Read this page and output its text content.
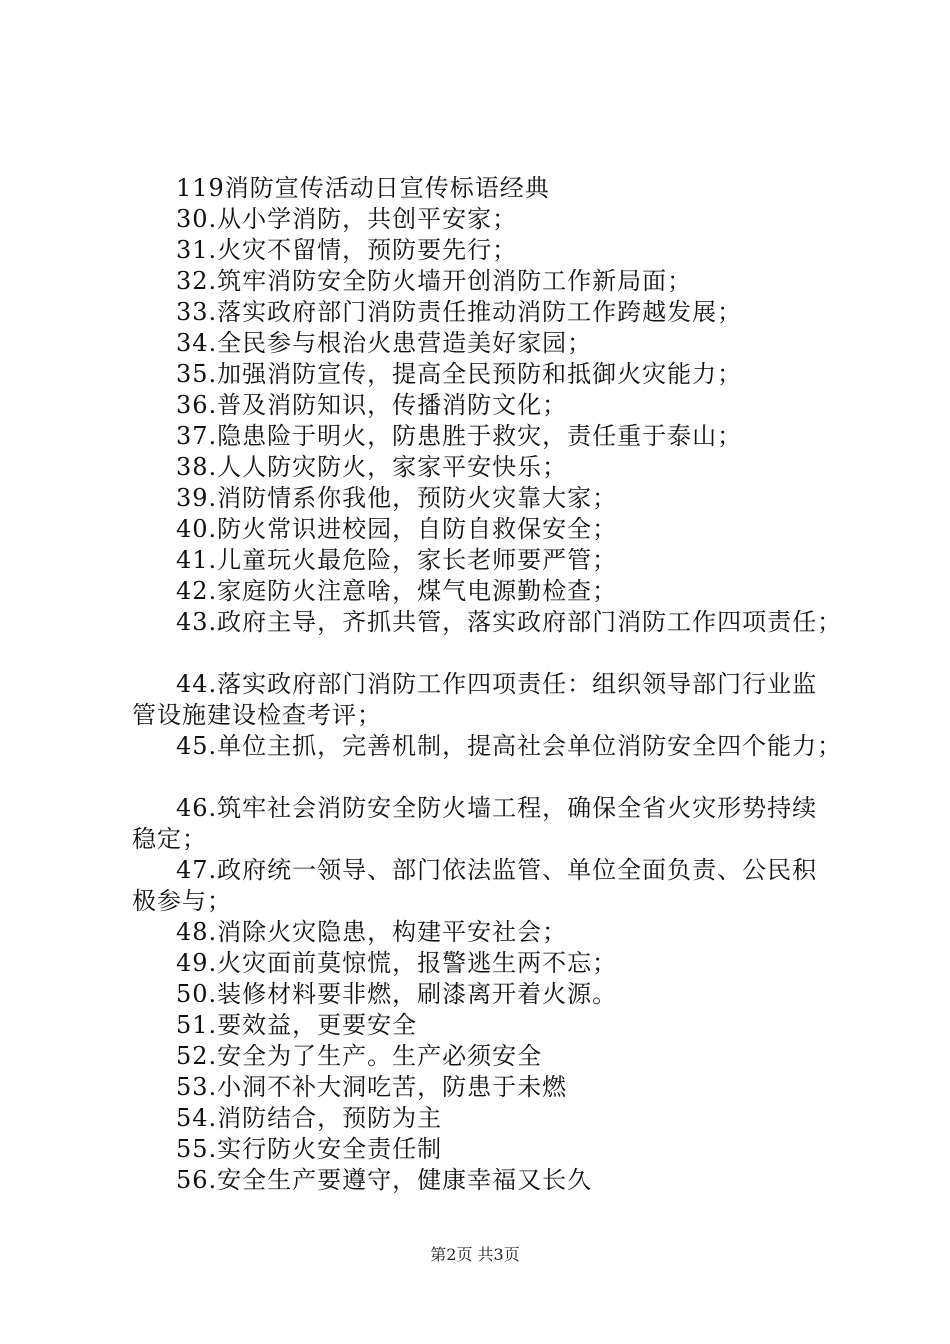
119消防宣传活动日宣传标语经典
30.从小学消防，共创平安家；
31.火灾不留情，预防要先行；
32.筑牢消防安全防火墙开创消防工作新局面；
33.落实政府部门消防责任推动消防工作跨越发展；
34.全民参与根治火患营造美好家园；
35.加强消防宣传，提高全民预防和抵御火灾能力；
36.普及消防知识，传播消防文化；
37.隐患险于明火，防患胜于救灾，责任重于泰山；
38.人人防灾防火，家家平安快乐；
39.消防情系你我他，预防火灾靠大家；
40.防火常识进校园，自防自救保安全；
41.儿童玩火最危险，家长老师要严管；
42.家庭防火注意啥，煤气电源勤检查；
43.政府主导，齐抓共管，落实政府部门消防工作四项责任；
44.落实政府部门消防工作四项责任：组织领导部门行业监管设施建设检查考评；
45.单位主抓，完善机制，提高社会单位消防安全四个能力；
46.筑牢社会消防安全防火墙工程，确保全省火灾形势持续稳定；
47.政府统一领导、部门依法监管、单位全面负责、公民积极参与；
48.消除火灾隐患，构建平安社会；
49.火灾面前莫惊慌，报警逃生两不忘；
50.装修材料要非燃，刷漆离开着火源。
51.要效益，更要安全
52.安全为了生产。生产必须安全
53.小洞不补大洞吃苦，防患于未燃
54.消防结合，预防为主
55.实行防火安全责任制
56.安全生产要遵守，健康幸福又长久
第2页 共3页
